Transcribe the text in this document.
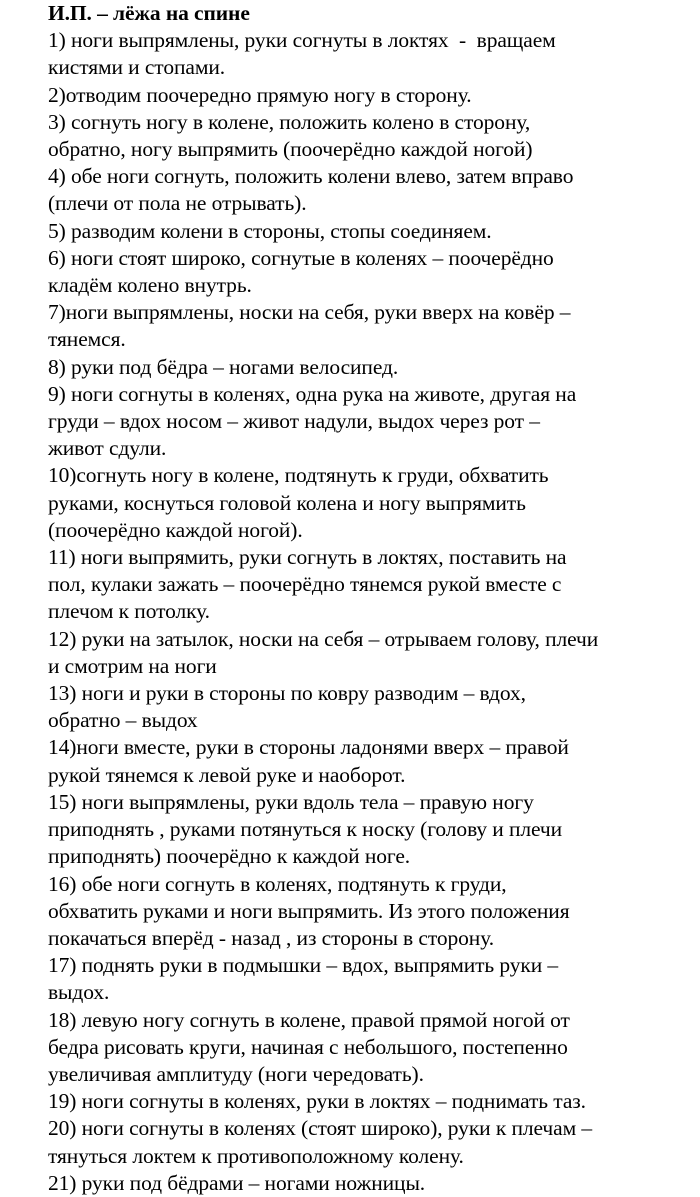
И.П. – лёжа на спине
1) ноги выпрямлены, руки согнуты в локтях  -  вращаем
кистями и стопами.
2)отводим поочередно прямую ногу в сторону.
3) согнуть ногу в колене, положить колено в сторону,
обратно, ногу выпрямить (поочерёдно каждой ногой)
4) обе ноги согнуть, положить колени влево, затем вправо
(плечи от пола не отрывать).
5) разводим колени в стороны, стопы соединяем.
6) ноги стоят широко, согнутые в коленях – поочерёдно
кладём колено внутрь.
7)ноги выпрямлены, носки на себя, руки вверх на ковёр –
тянемся.
8) руки под бёдра – ногами велосипед.
9) ноги согнуты в коленях, одна рука на животе, другая на
груди – вдох носом – живот надули, выдох через рот –
живот сдули.
10)согнуть ногу в колене, подтянуть к груди, обхватить
руками, коснуться головой колена и ногу выпрямить
(поочерёдно каждой ногой).
11) ноги выпрямить, руки согнуть в локтях, поставить на
пол, кулаки зажать – поочерёдно тянемся рукой вместе с
плечом к потолку.
12) руки на затылок, носки на себя – отрываем голову, плечи
и смотрим на ноги
13) ноги и руки в стороны по ковру разводим – вдох,
обратно – выдох
14)ноги вместе, руки в стороны ладонями вверх – правой
рукой тянемся к левой руке и наоборот.
15) ноги выпрямлены, руки вдоль тела – правую ногу
приподнять , руками потянуться к носку (голову и плечи
приподнять) поочерёдно к каждой ноге.
16) обе ноги согнуть в коленях, подтянуть к груди,
обхватить руками и ноги выпрямить. Из этого положения
покачаться вперёд - назад , из стороны в сторону.
17) поднять руки в подмышки – вдох, выпрямить руки –
выдох.
18) левую ногу согнуть в колене, правой прямой ногой от
бедра рисовать круги, начиная с небольшого, постепенно
увеличивая амплитуду (ноги чередовать).
19) ноги согнуты в коленях, руки в локтях – поднимать таз.
20) ноги согнуты в коленях (стоят широко), руки к плечам –
тянуться локтем к противоположному колену.
21) руки под бёдрами – ногами ножницы.
